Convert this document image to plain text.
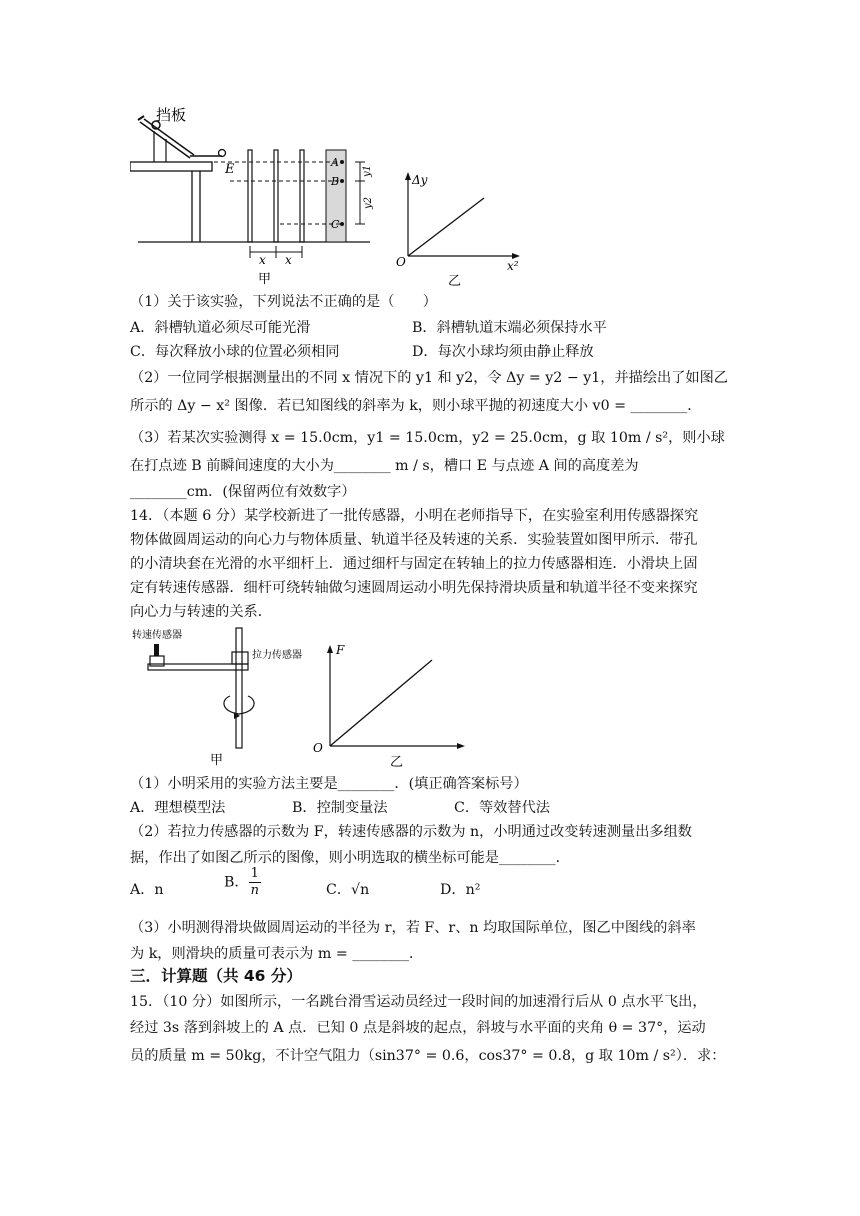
挡板
E	A
B
C
y1
y2
x x
甲
Δy
x²
O
乙
（1）关于该实验，下列说法不正确的是（　　）
A．斜槽轨道必须尽可能光滑	B．斜槽轨道末端必须保持水平
C．每次释放小球的位置必须相同	D．每次小球均须由静止释放
（2）一位同学根据测量出的不同 x 情况下的 y1 和 y2，令 Δy = y2 − y1，并描绘出了如图乙
所示的 Δy − x² 图像．若已知图线的斜率为 k，则小球平抛的初速度大小 v0 = ________．
（3）若某次实验测得 x = 15.0cm，y1 = 15.0cm，y2 = 25.0cm，g 取 10m / s²，则小球
在打点迹 B 前瞬间速度的大小为________ m / s，槽口 E 与点迹 A 间的高度差为
________cm．(保留两位有效数字）
14．（本题 6 分）某学校新进了一批传感器，小明在老师指导下，在实验室利用传感器探究
物体做圆周运动的向心力与物体质量、轨道半径及转速的关系．实验装置如图甲所示．带孔
的小清块套在光滑的水平细杆上．通过细杆与固定在转轴上的拉力传感器相连．小滑块上固
定有转速传感器．细杆可绕转轴做匀速圆周运动小明先保持滑块质量和轨道半径不变来探究
向心力与转速的关系．
转速传感器
拉力传感器
甲
F
O
乙
（1）小明采用的实验方法主要是________．(填正确答案标号）
A．理想模型法	B．控制变量法	C．等效替代法
（2）若拉力传感器的示数为 F，转速传感器的示数为 n，小明通过改变转速测量出多组数
据，作出了如图乙所示的图像，则小明选取的横坐标可能是________．
A．n	B． $\frac{1}{n}$	C．√n	D．n²
（3）小明测得滑块做圆周运动的半径为 r，若 F、r、n 均取国际单位，图乙中图线的斜率
为 k，则滑块的质量可表示为 m = ________．
三．计算题（共 46 分）
15．（10 分）如图所示，一名跳台滑雪运动员经过一段时间的加速滑行后从 0 点水平飞出，
经过 3s 落到斜坡上的 A 点．已知 0 点是斜坡的起点，斜坡与水平面的夹角 θ = 37°，运动
员的质量 m = 50kg，不计空气阻力（sin37° = 0.6，cos37° = 0.8，g 取 10m / s²）．求：
